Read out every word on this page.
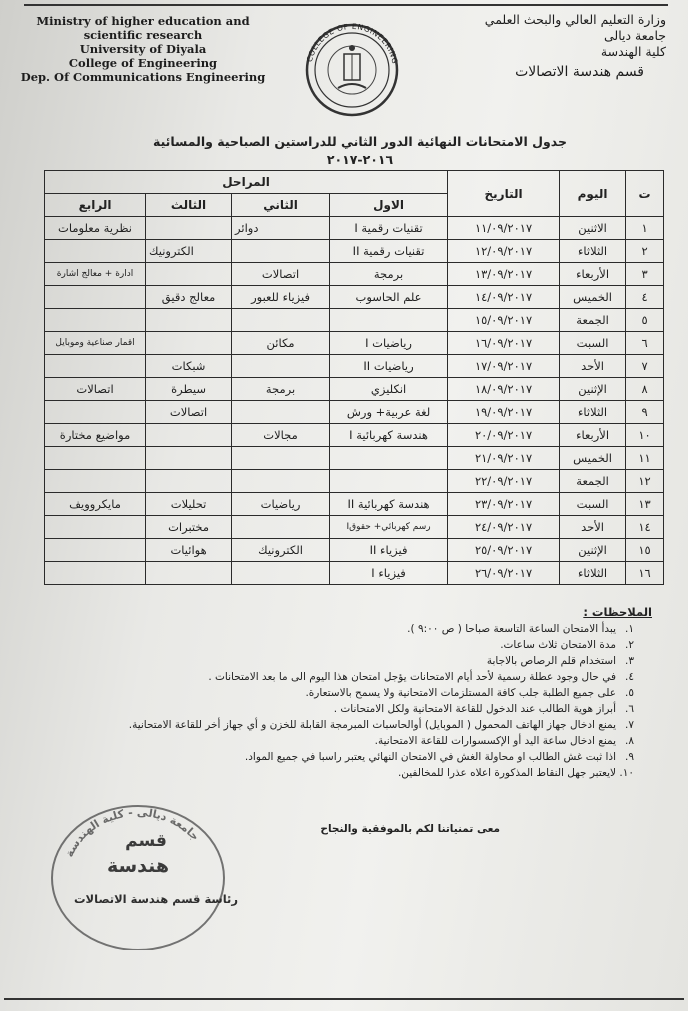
Ministry of higher education and
scientific research
University of Diyala
College of Engineering
Dep. Of Communications Engineering
COLLEGE OF ENGINEERING
وزارة التعليم العالي والبحث العلمي
جامعة ديالى
كلية الهندسة
قسم هندسة الاتصالات
جدول الامتحانات النهائية الدور الثاني للدراستين الصباحية والمسائية
٢٠١٦-٢٠١٧
ت	اليوم	التاريخ	المراحل			
			الاول	الثاني	الثالث	الرابع
١	الاثنين	١١/٠٩/٢٠١٧	تقنيات رقمية I	دوائر		نظرية معلومات
٢	الثلاثاء	١٢/٠٩/٢٠١٧	تقنيات رقمية II		الكترونيك	
٣	الأربعاء	١٣/٠٩/٢٠١٧	برمجة	اتصالات		ادارة + معالج اشارة
٤	الخميس	١٤/٠٩/٢٠١٧	علم الحاسوب	فيزياء للعبور	معالج دقيق	
٥	الجمعة	١٥/٠٩/٢٠١٧				
٦	السبت	١٦/٠٩/٢٠١٧	رياضيات I	مكائن		اقمار صناعية وموبايل
٧	الأحد	١٧/٠٩/٢٠١٧	رياضيات II		شبكات	
٨	الإثنين	١٨/٠٩/٢٠١٧	انكليزي	برمجة	سيطرة	اتصالات
٩	الثلاثاء	١٩/٠٩/٢٠١٧	لغة عربية+ ورش		اتصالات	
١٠	الأربعاء	٢٠/٠٩/٢٠١٧	هندسة كهربائية I	مجالات		مواضيع مختارة
١١	الخميس	٢١/٠٩/٢٠١٧				
١٢	الجمعة	٢٢/٠٩/٢٠١٧				
١٣	السبت	٢٣/٠٩/٢٠١٧	هندسة كهربائية II	رياضيات	تحليلات	مايكروويف
١٤	الأحد	٢٤/٠٩/٢٠١٧	رسم كهربائي+ حقوقI		مختبرات	
١٥	الإثنين	٢٥/٠٩/٢٠١٧	فيزياء II	الكترونيك	هوائيات	
١٦	الثلاثاء	٢٦/٠٩/٢٠١٧	فيزياء I			
الملاحظات :
١.يبدأ الامتحان الساعة التاسعة صباحا ( ص ٩:٠٠ ).
٢.مدة الامتحان ثلاث ساعات.
٣.استخدام قلم الرصاص بالاجابة
٤.في حال وجود عطلة رسمية لأحد أيام الامتحانات يؤجل امتحان هذا اليوم الى ما بعد الامتحانات .
٥.على جميع الطلبة جلب كافة المستلزمات الامتحانية ولا يسمح بالاستعارة.
٦.أبراز هوية الطالب عند الدخول للقاعة الامتحانية ولكل الامتحانات .
٧.يمنع ادخال جهاز الهاتف المحمول ( الموبايل) أوالحاسبات المبرمجة القابلة للخزن و أي جهاز أخر للقاعة الامتحانية.
٨.يمنع ادخال ساعة اليد أو الإكسسوارات للقاعة الامتحانية.
٩.اذا ثبت غش الطالب او محاولة الغش في الامتحان النهائي يعتبر راسبا في جميع المواد.
١٠.لايعتبر جهل النقاط المذكورة اعلاه عذرا للمخالفين.
معى تمنياتنا لكم بالموفقية والنجاح
جامعة ديالى - كلية الهندسة
قسم
هندسة
رئاسة قسم هندسة الاتصالات
